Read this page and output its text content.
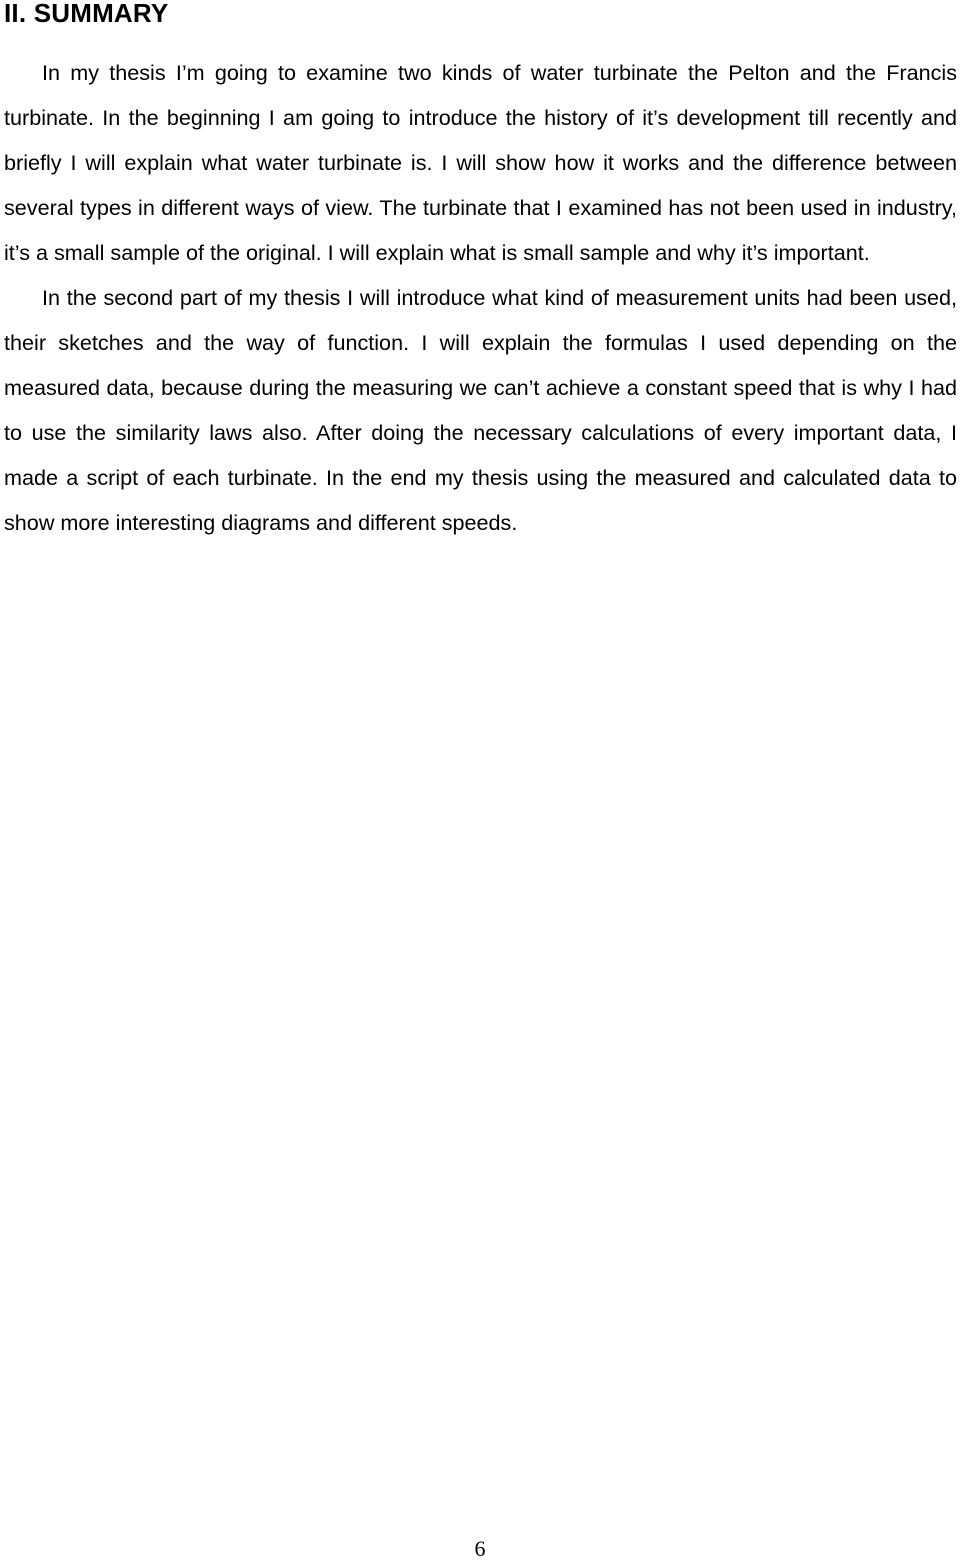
II. SUMMARY

In my thesis I’m going to examine two kinds of water turbinate the Pelton and the Francis turbinate. In the beginning I am going to introduce the history of it’s development till recently and briefly I will explain what water turbinate is. I will show how it works and the difference between several types in different ways of view. The turbinate that I examined has not been used in industry, it’s a small sample of the original. I will explain what is small sample and why it’s important.

In the second part of my thesis I will introduce what kind of measurement units had been used, their sketches and the way of function. I will explain the formulas I used depending on the measured data, because during the measuring we can’t achieve a constant speed that is why I had to use the similarity laws also. After doing the necessary calculations of every important data, I made a script of each turbinate. In the end my thesis using the measured and calculated data to show more interesting diagrams and different speeds.

6
